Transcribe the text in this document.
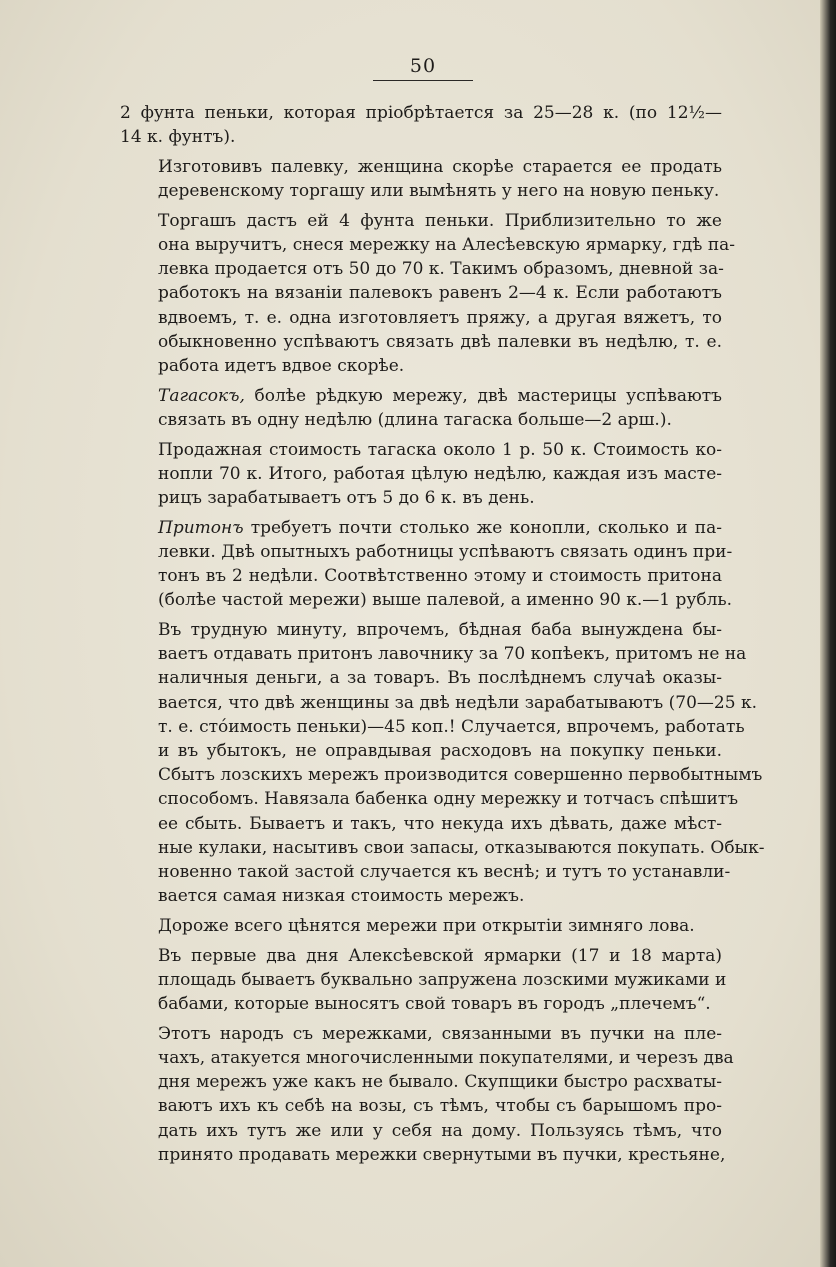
50

2 фунта пеньки, которая пріобрѣтается за 25—28 к. (по 12½—
14 к. фунтъ).

Изготовивъ палевку, женщина скорѣе старается ее продать
деревенскому торгашу или вымѣнять у него на новую пеньку.

Торгашъ дастъ ей 4 фунта пеньки. Приблизительно то же
она выручитъ, снеся мережку на Алесѣевскую ярмарку, гдѣ па-
левка продается отъ 50 до 70 к. Такимъ образомъ, дневной за-
работокъ на вязаніи палевокъ равенъ 2—4 к. Если работаютъ
вдвоемъ, т. е. одна изготовляетъ пряжу, а другая вяжетъ, то
обыкновенно успѣваютъ связать двѣ палевки въ недѣлю, т. е.
работа идетъ вдвое скорѣе.

Тагасокъ, болѣе рѣдкую мережу, двѣ мастерицы успѣваютъ
связать въ одну недѣлю (длина тагаска больше—2 арш.).

Продажная стоимость тагаска около 1 р. 50 к. Стоимость ко-
нопли 70 к. Итого, работая цѣлую недѣлю, каждая изъ масте-
рицъ зарабатываетъ отъ 5 до 6 к. въ день.

Притонъ требуетъ почти столько же конопли, сколько и па-
левки. Двѣ опытныхъ работницы успѣваютъ связать одинъ при-
тонъ въ 2 недѣли. Соотвѣтственно этому и стоимость притона
(болѣе частой мережи) выше палевой, а именно 90 к.—1 рубль.

Въ трудную минуту, впрочемъ, бѣдная баба вынуждена бы-
ваетъ отдавать притонъ лавочнику за 70 копѣекъ, притомъ не на
наличныя деньги, а за товаръ. Въ послѣднемъ случаѣ оказы-
вается, что двѣ женщины за двѣ недѣли зарабатываютъ (70—25 к.
т. е. стóимость пеньки)—45 коп.! Случается, впрочемъ, работать
и въ убытокъ, не оправдывая расходовъ на покупку пеньки.
Сбытъ лозскихъ мережъ производится совершенно первобытнымъ
способомъ. Навязала бабенка одну мережку и тотчасъ спѣшитъ
ее сбыть. Бываетъ и такъ, что некуда ихъ дѣвать, даже мѣст-
ные кулаки, насытивъ свои запасы, отказываются покупать. Обык-
новенно такой застой случается къ веснѣ; и тутъ то устанавли-
вается самая низкая стоимость мережъ.

Дороже всего цѣнятся мережи при открытіи зимняго лова.

Въ первые два дня Алексѣевской ярмарки (17 и 18 марта)
площадь бываетъ буквально запружена лозскими мужиками и
бабами, которые выносятъ свой товаръ въ городъ „плечемъ“.

Этотъ народъ съ мережками, связанными въ пучки на пле-
чахъ, атакуется многочисленными покупателями, и черезъ два
дня мережъ уже какъ не бывало. Скупщики быстро расхваты-
ваютъ ихъ къ себѣ на возы, съ тѣмъ, чтобы съ барышомъ про-
дать ихъ тутъ же или у себя на дому. Пользуясь тѣмъ, что
принято продавать мережки свернутыми въ пучки, крестьяне,
